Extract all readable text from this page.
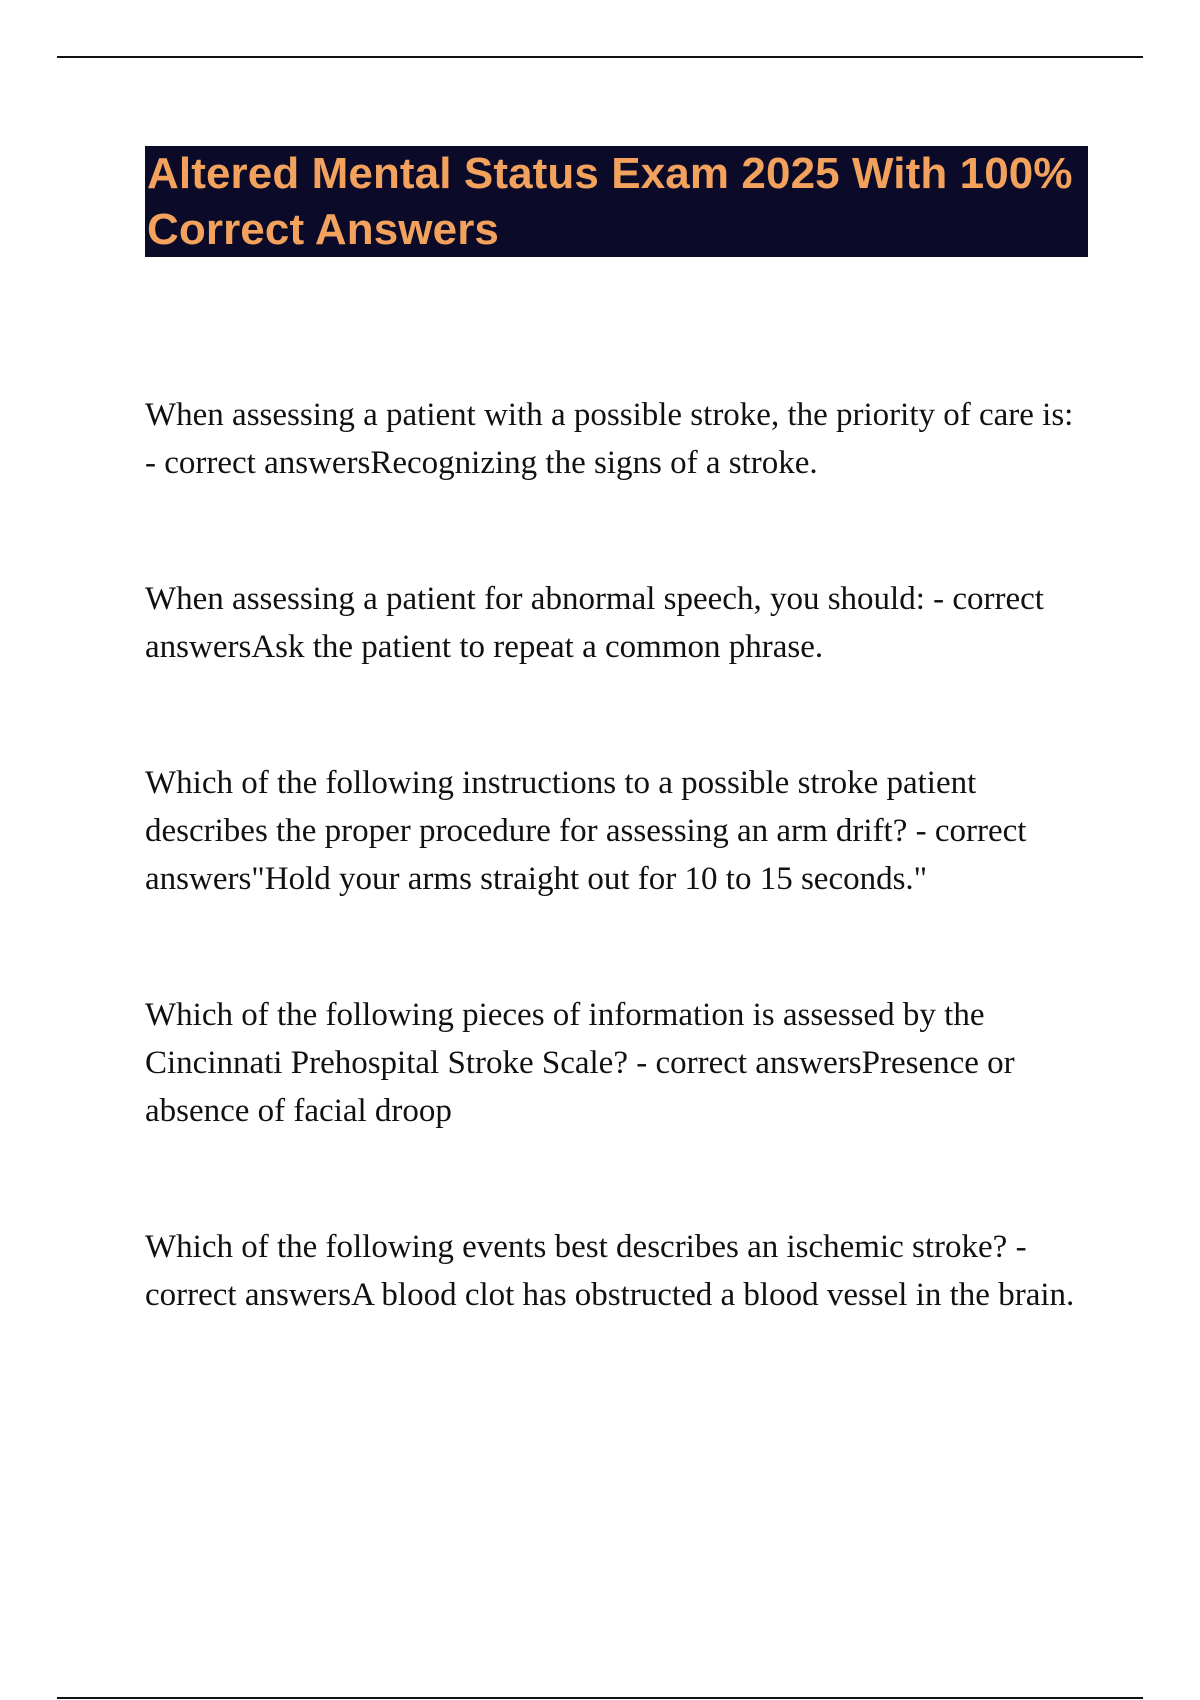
Altered Mental Status Exam 2025 With 100% Correct Answers

When assessing a patient with a possible stroke, the priority of care is: - correct answersRecognizing the signs of a stroke.

When assessing a patient for abnormal speech, you should: - correct answersAsk the patient to repeat a common phrase.

Which of the following instructions to a possible stroke patient describes the proper procedure for assessing an arm drift? - correct answers"Hold your arms straight out for 10 to 15 seconds."

Which of the following pieces of information is assessed by the Cincinnati Prehospital Stroke Scale? - correct answersPresence or absence of facial droop

Which of the following events best describes an ischemic stroke? - correct answersA blood clot has obstructed a blood vessel in the brain.
